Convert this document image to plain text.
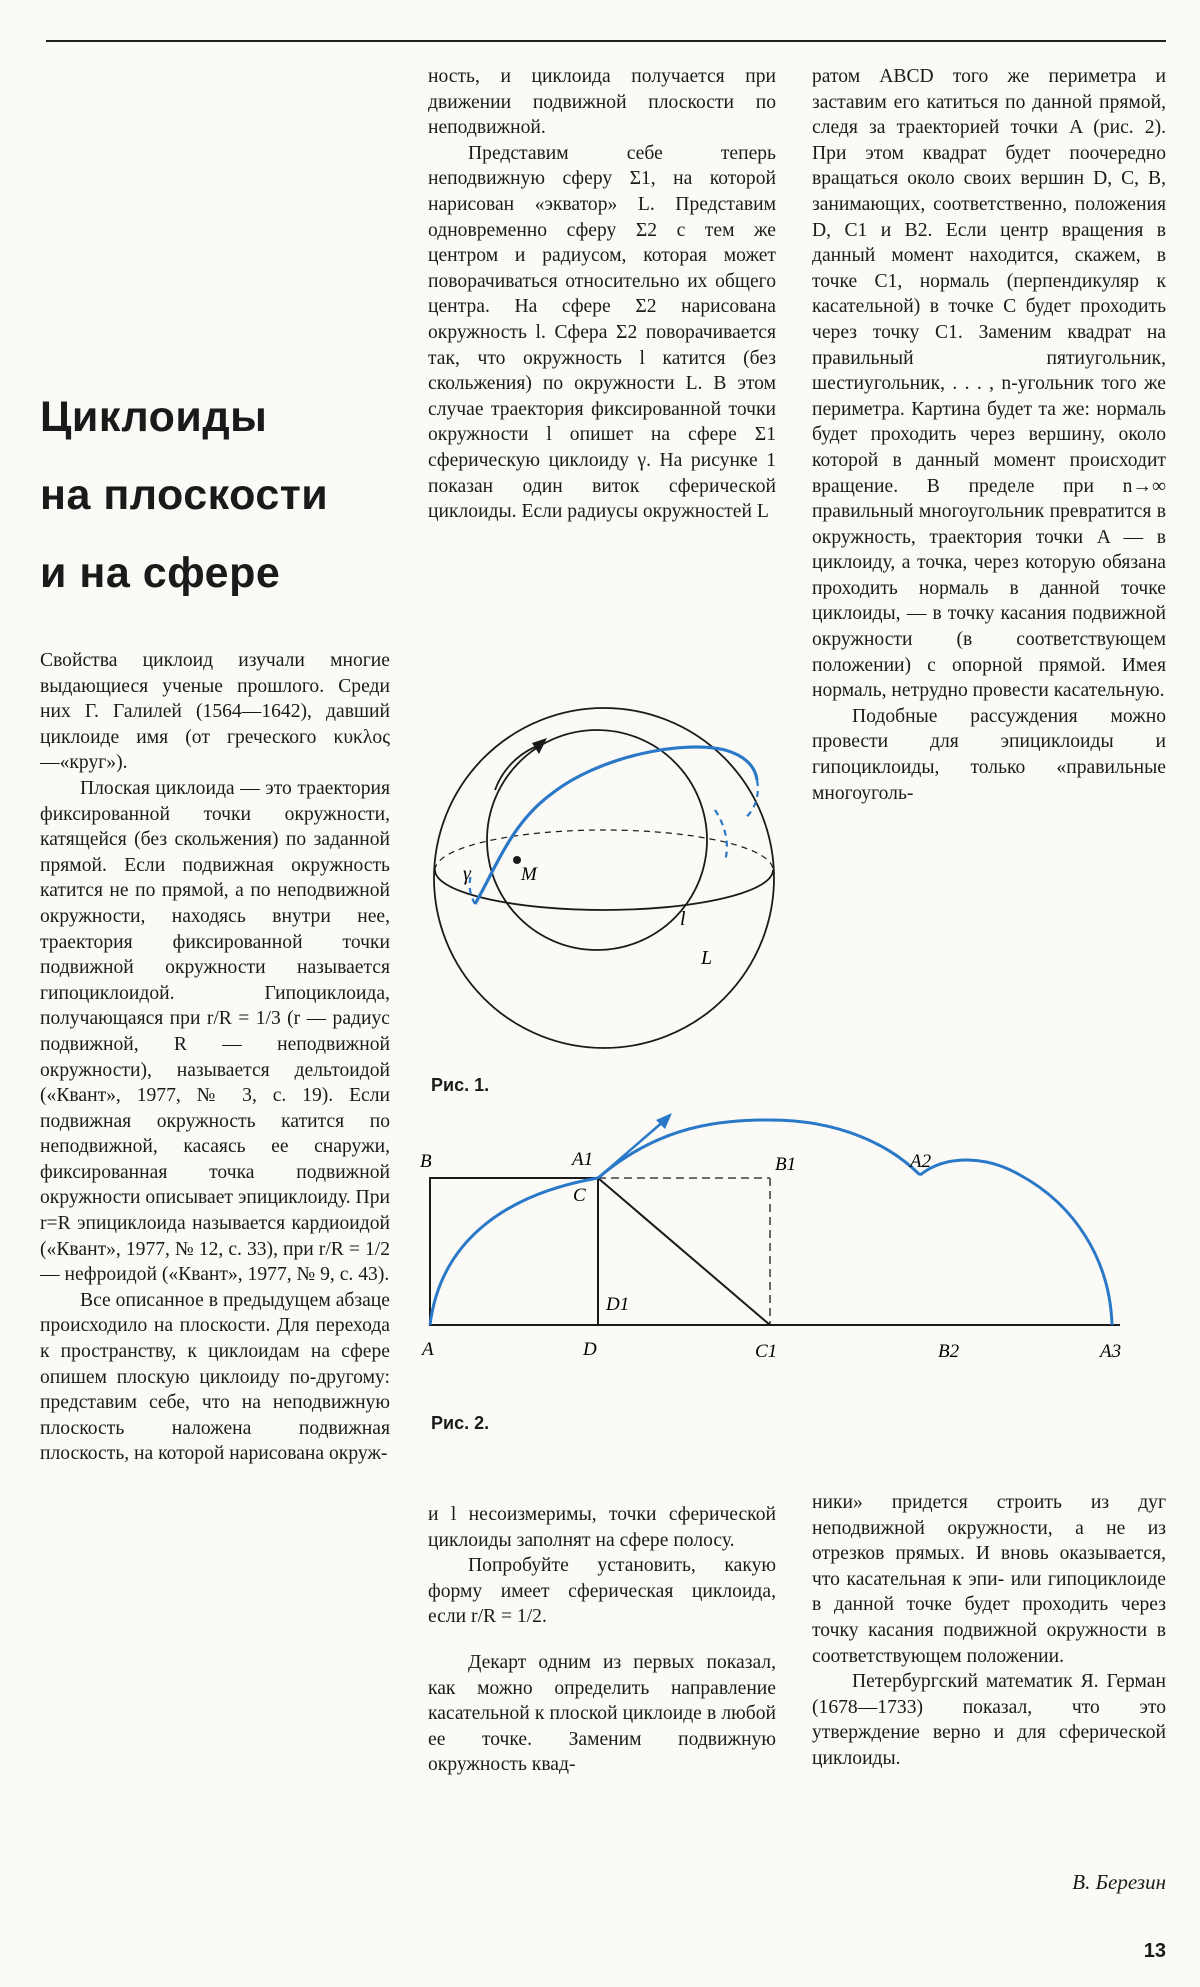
Циклоиды
на плоскости
и на сфере

Свойства циклоид изучали многие выдающиеся ученые прошлого. Среди них Г. Галилей (1564—1642), давший циклоиде имя (от греческого κυκλος—«круг»).

Плоская циклоида — это траектория фиксированной точки окружности, катящейся (без скольжения) по заданной прямой. Если подвижная окружность катится не по прямой, а по неподвижной окружности, находясь внутри нее, траектория фиксированной точки подвижной окружности называется гипоциклоидой. Гипоциклоида, получающаяся при r/R = 1/3 (r — радиус подвижной, R — неподвижной окружности), называется дельтоидой («Квант», 1977, № 3, с. 19). Если подвижная окружность катится по неподвижной, касаясь ее снаружи, фиксированная точка подвижной окружности описывает эпициклоиду. При r=R эпициклоида называется кардиоидой («Квант», 1977, № 12, с. 33), при r/R = 1/2 — нефроидой («Квант», 1977, № 9, с. 43).

Все описанное в предыдущем абзаце происходило на плоскости. Для перехода к пространству, к циклоидам на сфере опишем плоскую циклоиду по-другому: представим себе, что на неподвижную плоскость наложена подвижная плоскость, на которой нарисована окруж-

ность, и циклоида получается при движении подвижной плоскости по неподвижной.

Представим себе теперь неподвижную сферу Σ1, на которой нарисован «экватор» L. Представим одновременно сферу Σ2 с тем же центром и радиусом, которая может поворачиваться относительно их общего центра. На сфере Σ2 нарисована окружность l. Сфера Σ2 поворачивается так, что окружность l катится (без скольжения) по окружности L. В этом случае траектория фиксированной точки окружности l опишет на сфере Σ1 сферическую циклоиду γ. На рисунке 1 показан один виток сферической циклоиды. Если радиусы окружностей L

γ	M
l
L
Рис. 1.
B	A1	B1	A2
C
D1
A	D	C1	B2	A3
Рис. 2.

и l несоизмеримы, точки сферической циклоиды заполнят на сфере полосу.

Попробуйте установить, какую форму имеет сферическая циклоида, если r/R = 1/2.

Декарт одним из первых показал, как можно определить направление касательной к плоской циклоиде в любой ее точке. Заменим подвижную окружность квад-

ратом ABCD того же периметра и заставим его катиться по данной прямой, следя за траекторией точки A (рис. 2). При этом квадрат будет поочередно вращаться около своих вершин D, C, B, занимающих, соответственно, положения D, C1 и B2. Если центр вращения в данный момент находится, скажем, в точке C1, нормаль (перпендикуляр к касательной) в точке C будет проходить через точку C1. Заменим квадрат на правильный пятиугольник, шестиугольник, . . . , n-угольник того же периметра. Картина будет та же: нормаль будет проходить через вершину, около которой в данный момент происходит вращение. В пределе при n→∞ правильный многоугольник превратится в окружность, траектория точки A — в циклоиду, а точка, через которую обязана проходить нормаль в данной точке циклоиды, — в точку касания подвижной окружности (в соответствующем положении) с опорной прямой. Имея нормаль, нетрудно провести касательную.

Подобные рассуждения можно провести для эпициклоиды и гипоциклоиды, только «правильные многоуголь-

ники» придется строить из дуг неподвижной окружности, а не из отрезков прямых. И вновь оказывается, что касательная к эпи- или гипоциклоиде в данной точке будет проходить через точку касания подвижной окружности в соответствующем положении.

Петербургский математик Я. Герман (1678—1733) показал, что это утверждение верно и для сферической циклоиды.

В. Березин
13
